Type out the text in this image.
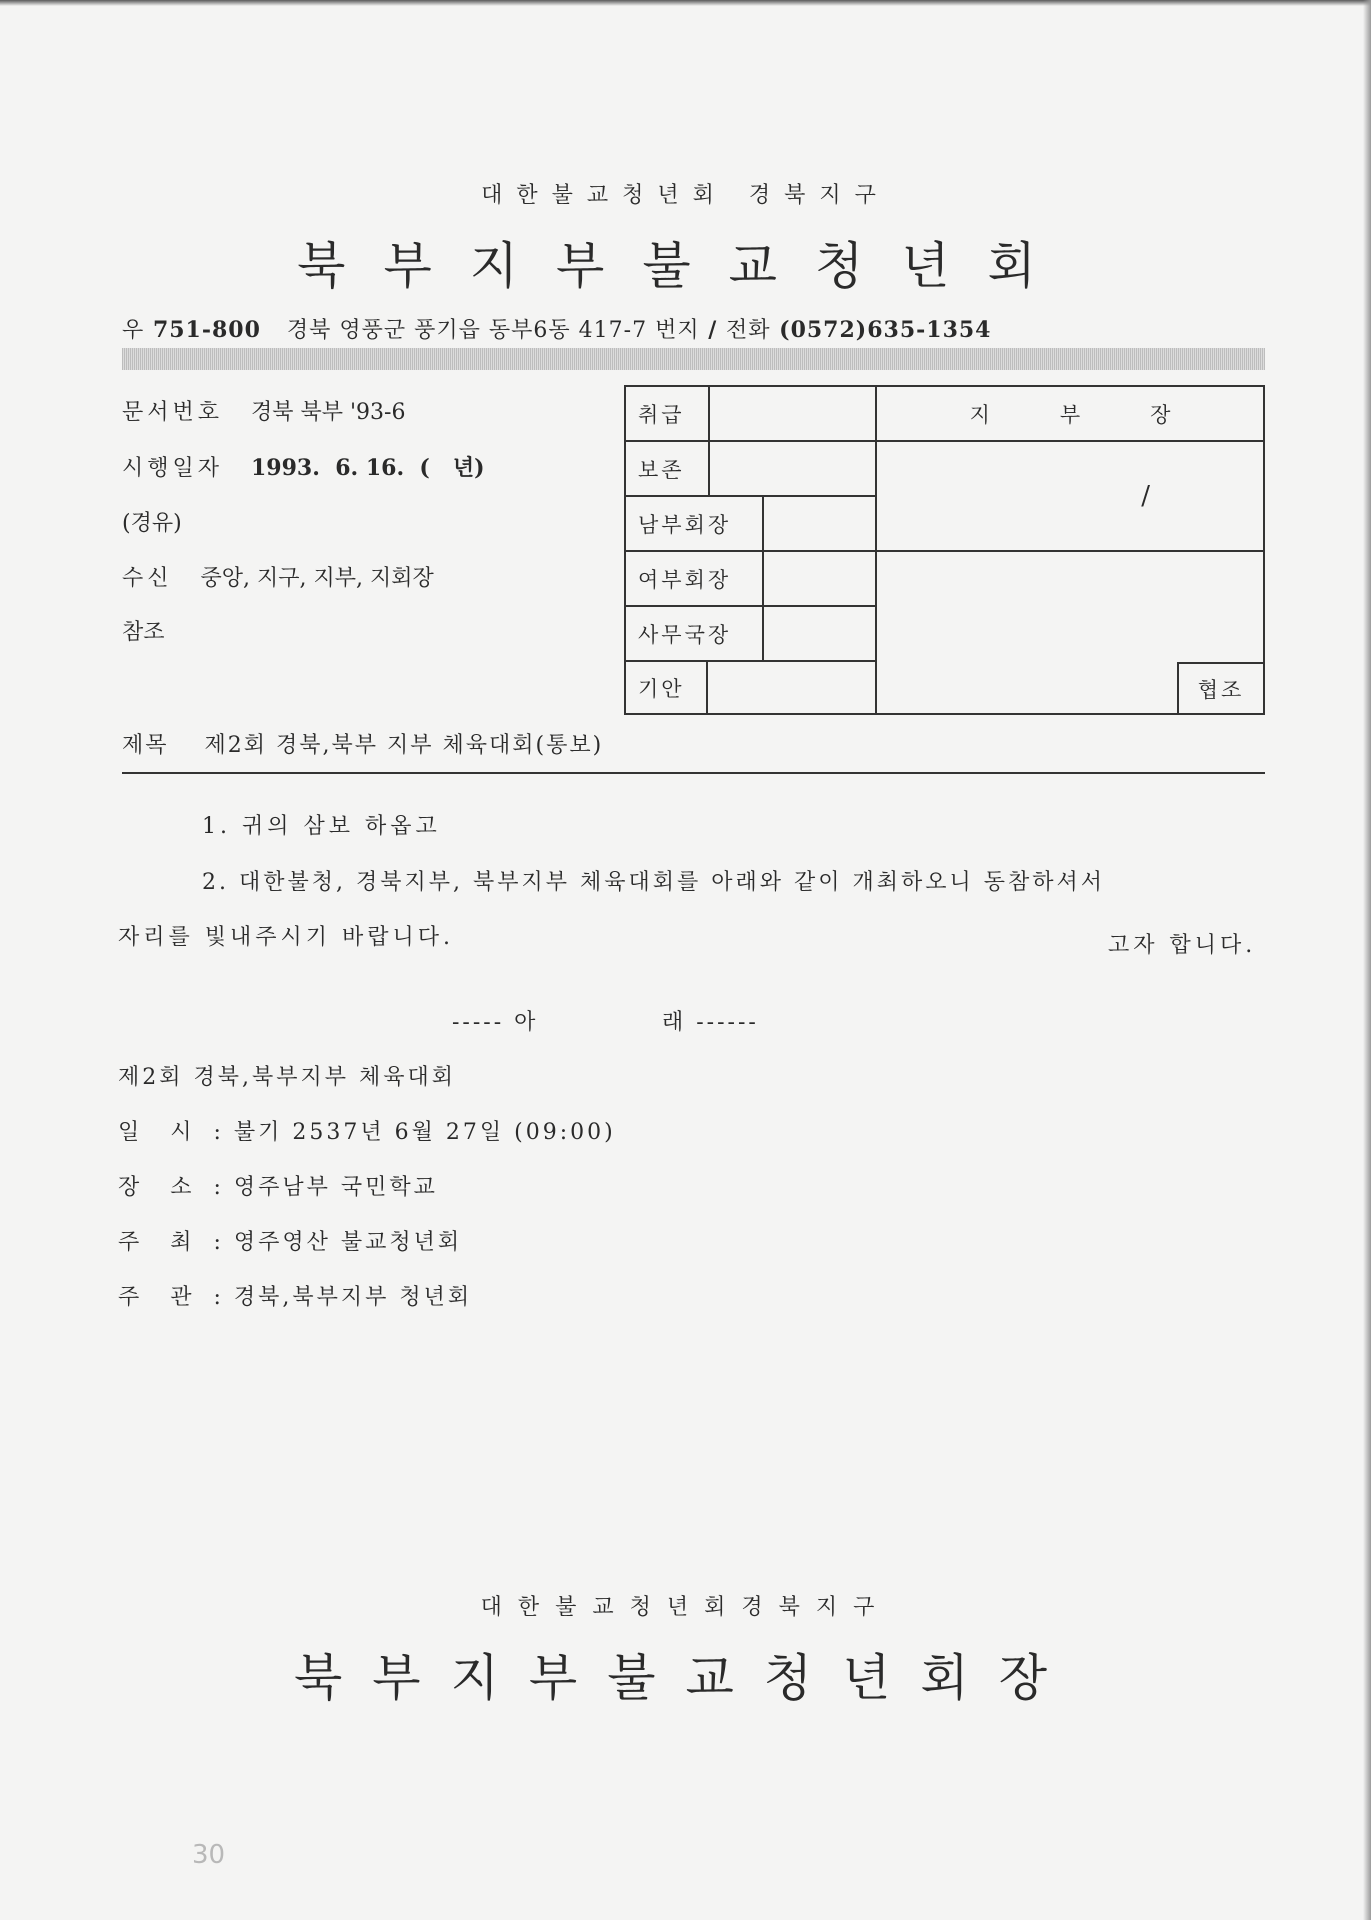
대한불교청년회 경북지구
북부지부불교청년회
우 751-800 경북 영풍군 풍기읍 동부6동 417-7 번지 / 전화 (0572)635-1354
문서번호 경북 북부 '93-6
시행일자 1993.  6. 16.  (   년)
(경유)
수신 중앙, 지구, 지부, 지회장
참조
취급
보존
남부회장
여부회장
사무국장
기안
지부장
/
협조
제목 제2회 경북,북부 지부 체육대회(통보)
1. 귀의 삼보 하옵고
2. 대한불청, 경북지부, 북부지부 체육대회를 아래와 같이 개최하오니 동참하셔서
자리를 빛내주시기 바랍니다.	고자 합니다.
----- 아	래 ------
제2회 경북,북부지부 체육대회
일 시 : 불기 2537년 6월 27일 (09:00)
장 소 : 영주남부 국민학교
주 최 : 영주영산 불교청년회
주 관 : 경북,북부지부 청년회
대한불교청년회경북지구
북부지부불교청년회장
30
